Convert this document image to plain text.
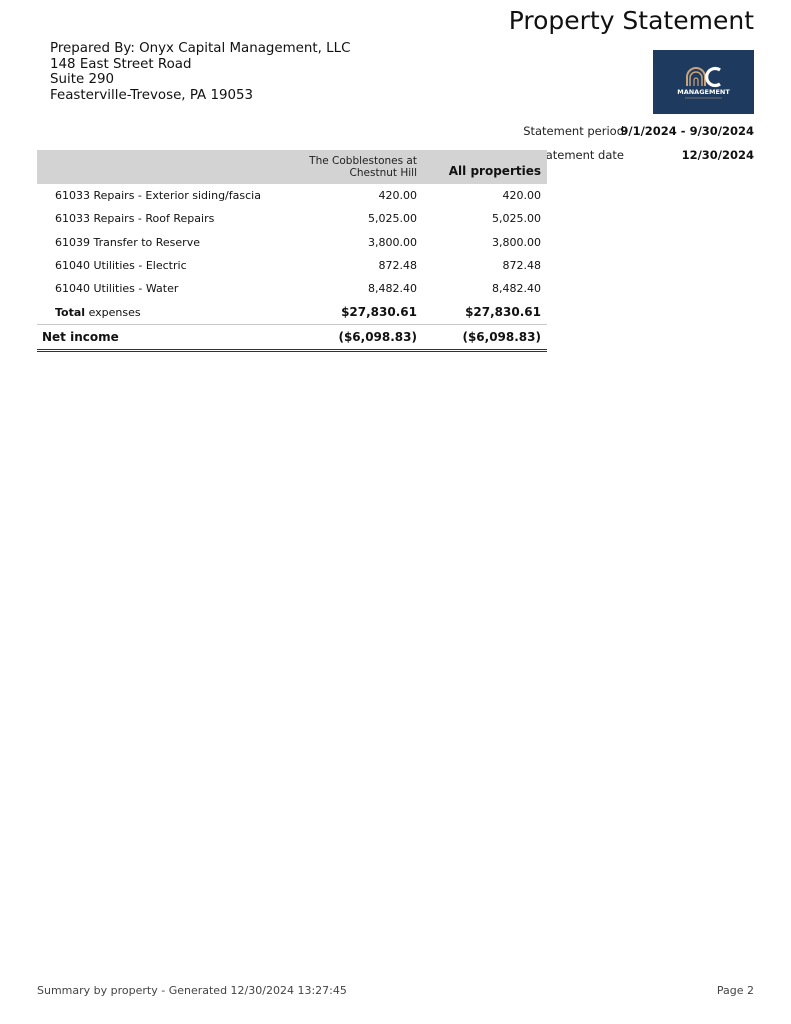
Property Statement
Prepared By: Onyx Capital Management, LLC
148 East Street Road
Suite 290
Feasterville-Trevose, PA 19053	MANAGEMENT
Statement period
9/1/2024 - 9/30/2024
Statement date	12/30/2024

	The Cobblestones at
Chestnut Hill	All properties
61033 Repairs - Exterior siding/fascia	420.00	420.00
61033 Repairs - Roof Repairs	5,025.00	5,025.00
61039 Transfer to Reserve	3,800.00	3,800.00
61040 Utilities - Electric	872.48	872.48
61040 Utilities - Water	8,482.40	8,482.40
Total expenses	$27,830.61	$27,830.61
Net income	($6,098.83)	($6,098.83)
Summary by property - Generated 12/30/2024 13:27:45	Page 2
